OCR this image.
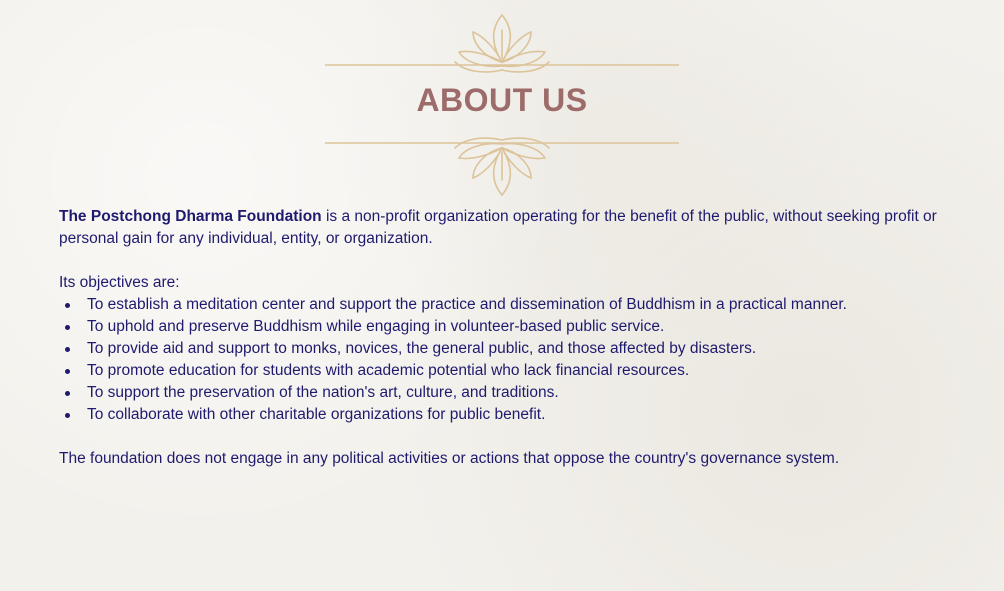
ABOUT US

The Postchong Dharma Foundation is a non-profit organization operating for the benefit of the public, without seeking profit or personal gain for any individual, entity, or organization.

Its objectives are:

To establish a meditation center and support the practice and dissemination of Buddhism in a practical manner.
To uphold and preserve Buddhism while engaging in volunteer-based public service.
To provide aid and support to monks, novices, the general public, and those affected by disasters.
To promote education for students with academic potential who lack financial resources.
To support the preservation of the nation's art, culture, and traditions.
To collaborate with other charitable organizations for public benefit.

The foundation does not engage in any political activities or actions that oppose the country's governance system.
